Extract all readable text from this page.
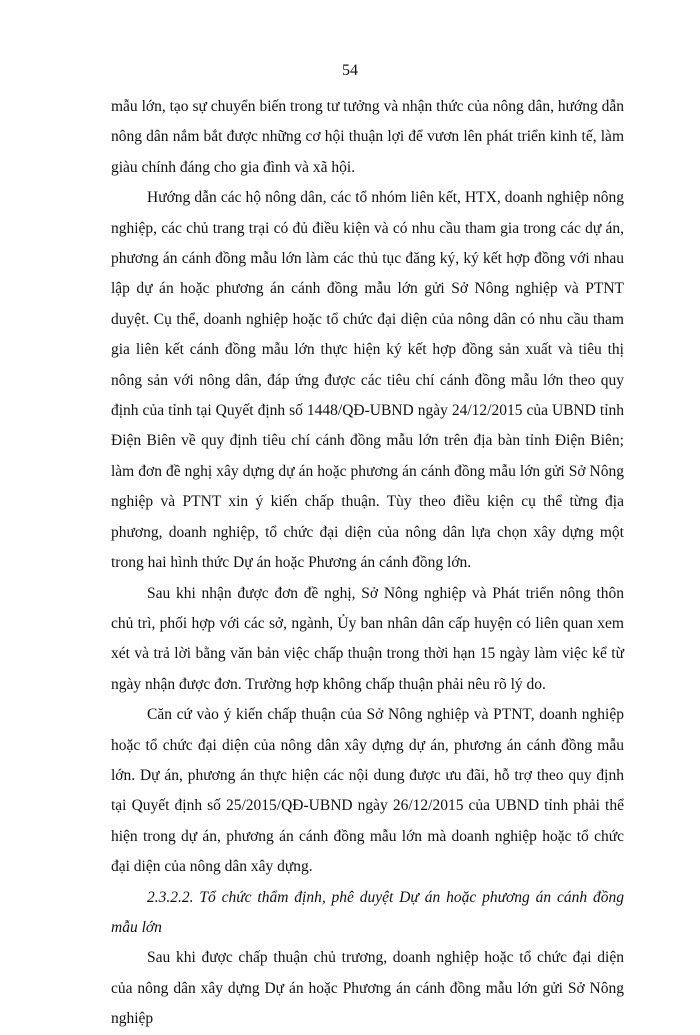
54

mẫu lớn, tạo sự chuyển biến trong tư tưởng và nhận thức của nông dân, hướng dẫn nông dân nắm bắt được những cơ hội thuận lợi để vươn lên phát triển kinh tế, làm giàu chính đáng cho gia đình và xã hội.

Hướng dẫn các hộ nông dân, các tổ nhóm liên kết, HTX, doanh nghiệp nông nghiệp, các chủ trang trại có đủ điều kiện và có nhu cầu tham gia trong các dự án, phương án cánh đồng mẫu lớn làm các thủ tục đăng ký, ký kết hợp đồng với nhau lập dự án hoặc phương án cánh đồng mẫu lớn gửi Sở Nông nghiệp và PTNT duyệt. Cụ thể, doanh nghiệp hoặc tổ chức đại diện của nông dân có nhu cầu tham gia liên kết cánh đồng mẫu lớn thực hiện ký kết hợp đồng sản xuất và tiêu thị nông sản với nông dân, đáp ứng được các tiêu chí cánh đồng mẫu lớn theo quy định của tỉnh tại Quyết định số 1448/QĐ-UBND ngày 24/12/2015 của UBND tỉnh Điện Biên về quy định tiêu chí cánh đồng mẫu lớn trên địa bàn tỉnh Điện Biên; làm đơn đề nghị xây dựng dự án hoặc phương án cánh đồng mẫu lớn gửi Sở Nông nghiệp và PTNT xin ý kiến chấp thuận. Tùy theo điều kiện cụ thể từng địa phương, doanh nghiệp, tổ chức đại diện của nông dân lựa chọn xây dựng một trong hai hình thức Dự án hoặc Phương án cánh đồng lớn.

Sau khi nhận được đơn đề nghị, Sở Nông nghiệp và Phát triển nông thôn chủ trì, phối hợp với các sở, ngành, Ủy ban nhân dân cấp huyện có liên quan xem xét và trả lời bằng văn bản việc chấp thuận trong thời hạn 15 ngày làm việc kể từ ngày nhận được đơn. Trường hợp không chấp thuận phải nêu rõ lý do.

Căn cứ vào ý kiến chấp thuận của Sở Nông nghiệp và PTNT, doanh nghiệp hoặc tổ chức đại diện của nông dân xây dựng dự án, phương án cánh đồng mẫu lớn. Dự án, phương án thực hiện các nội dung được ưu đãi, hỗ trợ theo quy định tại Quyết định số 25/2015/QĐ-UBND ngày 26/12/2015 của UBND tỉnh phải thể hiện trong dự án, phương án cánh đồng mẫu lớn mà doanh nghiệp hoặc tổ chức đại diện của nông dân xây dựng.

2.3.2.2. Tổ chức thẩm định, phê duyệt Dự án hoặc phương án cánh đồng mẫu lớn

Sau khi được chấp thuận chủ trương, doanh nghiệp hoặc tổ chức đại diện của nông dân xây dựng Dự án hoặc Phương án cánh đồng mẫu lớn gửi Sở Nông nghiệp
